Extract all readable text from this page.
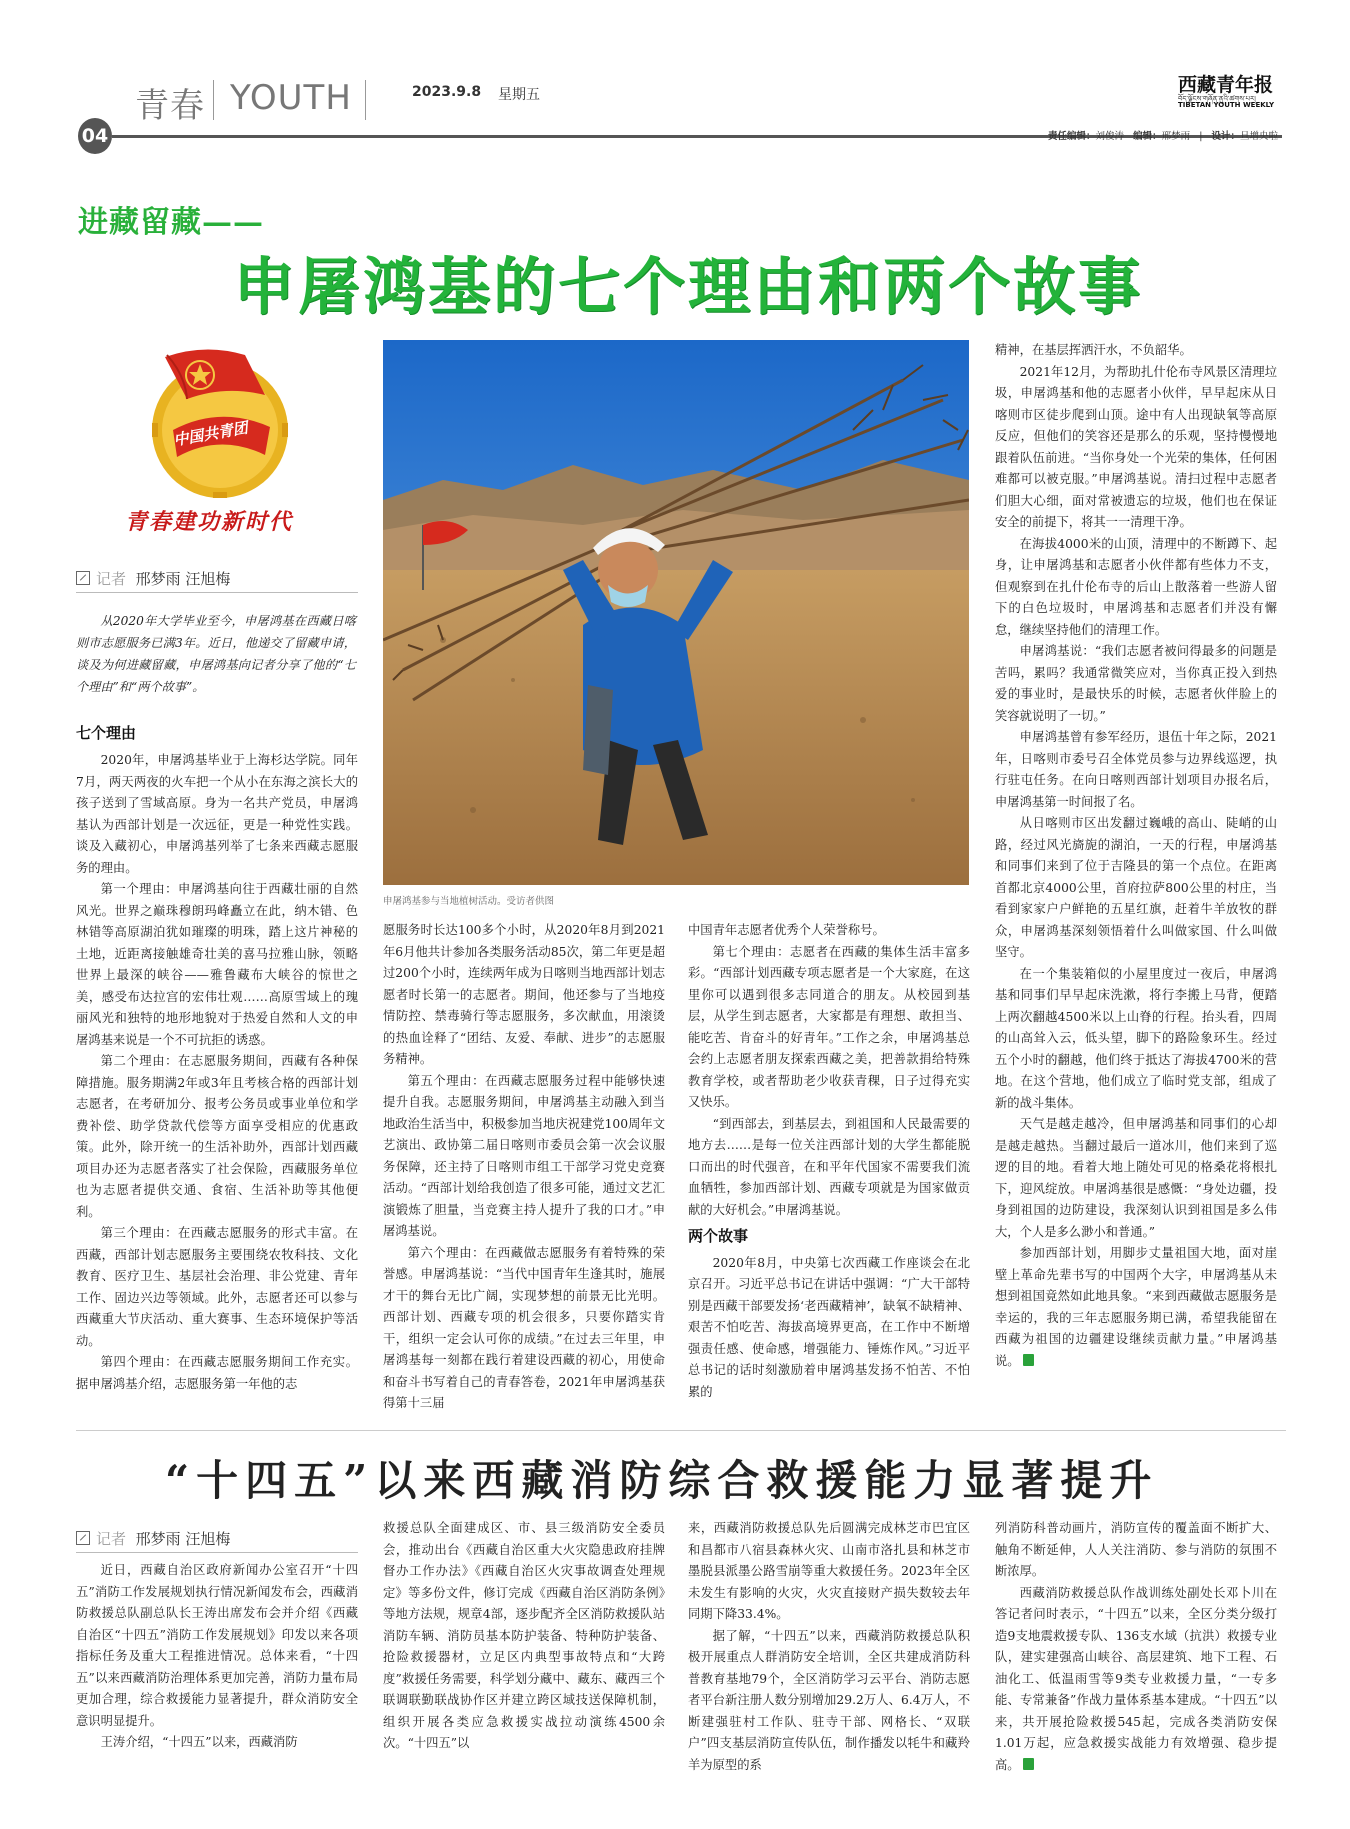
青春 YOUTH	2023.9.8 星期五	西藏青年报
བོད་ལྗོངས་གཞོན་ནུའི་ཚགས་པར།
TIBETAN YOUTH WEEKLY
04	责任编辑：刘俊涛 编辑：邢梦雨   |   设计：旦增央啦
进藏留藏——
申屠鸿基的七个理由和两个故事
中国共青团
青春建功新时代
记者 邢梦雨 汪旭梅
从2020年大学毕业至今，申屠鸿基在西藏日喀则市志愿服务已满3年。近日，他递交了留藏申请，谈及为何进藏留藏，申屠鸿基向记者分享了他的“七个理由”和“两个故事”。
七个理由

2020年，申屠鸿基毕业于上海杉达学院。同年7月，两天两夜的火车把一个从小在东海之滨长大的孩子送到了雪域高原。身为一名共产党员，申屠鸿基认为西部计划是一次远征，更是一种党性实践。谈及入藏初心，申屠鸿基列举了七条来西藏志愿服务的理由。

第一个理由：申屠鸿基向往于西藏壮丽的自然风光。世界之巅珠穆朗玛峰矗立在此，纳木错、色林错等高原湖泊犹如璀璨的明珠，踏上这片神秘的土地，近距离接触雄奇壮美的喜马拉雅山脉，领略世界上最深的峡谷——雅鲁藏布大峡谷的惊世之美，感受布达拉宫的宏伟壮观……高原雪域上的瑰丽风光和独特的地形地貌对于热爱自然和人文的申屠鸿基来说是一个不可抗拒的诱惑。

第二个理由：在志愿服务期间，西藏有各种保障措施。服务期满2年或3年且考核合格的西部计划志愿者，在考研加分、报考公务员或事业单位和学费补偿、助学贷款代偿等方面享受相应的优惠政策。此外，除开统一的生活补助外，西部计划西藏项目办还为志愿者落实了社会保险，西藏服务单位也为志愿者提供交通、食宿、生活补助等其他便利。

第三个理由：在西藏志愿服务的形式丰富。在西藏，西部计划志愿服务主要围绕农牧科技、文化教育、医疗卫生、基层社会治理、非公党建、青年工作、固边兴边等领域。此外，志愿者还可以参与西藏重大节庆活动、重大赛事、生态环境保护等活动。

第四个理由：在西藏志愿服务期间工作充实。据申屠鸿基介绍，志愿服务第一年他的志

申屠鸿基参与当地植树活动。受访者供图

愿服务时长达100多个小时，从2020年8月到2021年6月他共计参加各类服务活动85次，第二年更是超过200个小时，连续两年成为日喀则当地西部计划志愿者时长第一的志愿者。期间，他还参与了当地疫情防控、禁毒骑行等志愿服务，多次献血，用滚烫的热血诠释了“团结、友爱、奉献、进步”的志愿服务精神。

第五个理由：在西藏志愿服务过程中能够快速提升自我。志愿服务期间，申屠鸿基主动融入到当地政治生活当中，积极参加当地庆祝建党100周年文艺演出、政协第二届日喀则市委员会第一次会议服务保障，还主持了日喀则市组工干部学习党史竞赛活动。“西部计划给我创造了很多可能，通过文艺汇演锻炼了胆量，当竞赛主持人提升了我的口才。”申屠鸿基说。

第六个理由：在西藏做志愿服务有着特殊的荣誉感。申屠鸿基说：“当代中国青年生逢其时，施展才干的舞台无比广阔，实现梦想的前景无比光明。西部计划、西藏专项的机会很多，只要你踏实肯干，组织一定会认可你的成绩。”在过去三年里，申屠鸿基每一刻都在践行着建设西藏的初心，用使命和奋斗书写着自己的青春答卷，2021年申屠鸿基获得第十三届

中国青年志愿者优秀个人荣誉称号。

第七个理由：志愿者在西藏的集体生活丰富多彩。“西部计划西藏专项志愿者是一个大家庭，在这里你可以遇到很多志同道合的朋友。从校园到基层，从学生到志愿者，大家都是有理想、敢担当、能吃苦、肯奋斗的好青年。”工作之余，申屠鸿基总会约上志愿者朋友探索西藏之美，把善款捐给特殊教育学校，或者帮助老少收获青稞，日子过得充实又快乐。

“到西部去，到基层去，到祖国和人民最需要的地方去……是每一位关注西部计划的大学生都能脱口而出的时代强音，在和平年代国家不需要我们流血牺牲，参加西部计划、西藏专项就是为国家做贡献的大好机会。”申屠鸿基说。

两个故事

2020年8月，中央第七次西藏工作座谈会在北京召开。习近平总书记在讲话中强调：“广大干部特别是西藏干部要发扬‘老西藏精神’，缺氧不缺精神、艰苦不怕吃苦、海拔高境界更高，在工作中不断增强责任感、使命感，增强能力、锤炼作风。”习近平总书记的话时刻激励着申屠鸿基发扬不怕苦、不怕累的

精神，在基层挥洒汗水，不负韶华。

2021年12月，为帮助扎什伦布寺风景区清理垃圾，申屠鸿基和他的志愿者小伙伴，早早起床从日喀则市区徒步爬到山顶。途中有人出现缺氧等高原反应，但他们的笑容还是那么的乐观，坚持慢慢地跟着队伍前进。“当你身处一个光荣的集体，任何困难都可以被克服。”申屠鸿基说。清扫过程中志愿者们胆大心细，面对常被遗忘的垃圾，他们也在保证安全的前提下，将其一一清理干净。

在海拔4000米的山顶，清理中的不断蹲下、起身，让申屠鸿基和志愿者小伙伴都有些体力不支，但观察到在扎什伦布寺的后山上散落着一些游人留下的白色垃圾时，申屠鸿基和志愿者们并没有懈怠，继续坚持他们的清理工作。

申屠鸿基说：“我们志愿者被问得最多的问题是苦吗，累吗？我通常微笑应对，当你真正投入到热爱的事业时，是最快乐的时候，志愿者伙伴脸上的笑容就说明了一切。”

申屠鸿基曾有参军经历，退伍十年之际，2021年，日喀则市委号召全体党员参与边界线巡逻，执行驻屯任务。在向日喀则西部计划项目办报名后，申屠鸿基第一时间报了名。

从日喀则市区出发翻过巍峨的高山、陡峭的山路，经过风光旖旎的湖泊，一天的行程，申屠鸿基和同事们来到了位于吉隆县的第一个点位。在距离首都北京4000公里，首府拉萨800公里的村庄，当看到家家户户鲜艳的五星红旗，赶着牛羊放牧的群众，申屠鸿基深刻领悟着什么叫做家国、什么叫做坚守。

在一个集装箱似的小屋里度过一夜后，申屠鸿基和同事们早早起床洗漱，将行李搬上马背，便踏上两次翻越4500米以上山脊的行程。抬头看，四周的山高耸入云，低头望，脚下的路险象环生。经过五个小时的翻越，他们终于抵达了海拔4700米的营地。在这个营地，他们成立了临时党支部，组成了新的战斗集体。

天气是越走越冷，但申屠鸿基和同事们的心却是越走越热。当翻过最后一道冰川，他们来到了巡逻的目的地。看着大地上随处可见的格桑花将根扎下，迎风绽放。申屠鸿基很是感慨：“身处边疆，投身到祖国的边防建设，我深刻认识到祖国是多么伟大，个人是多么渺小和普通。”

参加西部计划，用脚步丈量祖国大地，面对崖壁上革命先辈书写的中国两个大字，申屠鸿基从未想到祖国竟然如此地具象。“来到西藏做志愿服务是幸运的，我的三年志愿服务期已满，希望我能留在西藏为祖国的边疆建设继续贡献力量。”申屠鸿基说。

“十四五”以来西藏消防综合救援能力显著提升
记者 邢梦雨 汪旭梅

近日，西藏自治区政府新闻办公室召开“十四五”消防工作发展规划执行情况新闻发布会，西藏消防救援总队副总队长王涛出席发布会并介绍《西藏自治区“十四五”消防工作发展规划》印发以来各项指标任务及重大工程推进情况。总体来看，“十四五”以来西藏消防治理体系更加完善，消防力量布局更加合理，综合救援能力显著提升，群众消防安全意识明显提升。

王涛介绍，“十四五”以来，西藏消防

救援总队全面建成区、市、县三级消防安全委员会，推动出台《西藏自治区重大火灾隐患政府挂牌督办工作办法》《西藏自治区火灾事故调查处理规定》等多份文件，修订完成《西藏自治区消防条例》等地方法规，规章4部，逐步配齐全区消防救援队站消防车辆、消防员基本防护装备、特种防护装备、抢险救援器材，立足区内典型事故特点和“大跨度”救援任务需要，科学划分藏中、藏东、藏西三个联调联勤联战协作区并建立跨区域技送保障机制，组织开展各类应急救援实战拉动演练4500余次。“十四五”以

来，西藏消防救援总队先后圆满完成林芝市巴宜区和昌都市八宿县森林火灾、山南市洛扎县和林芝市墨脱县派墨公路雪崩等重大救援任务。2023年全区未发生有影响的火灾，火灾直接财产损失数较去年同期下降33.4%。

据了解，“十四五”以来，西藏消防救援总队积极开展重点人群消防安全培训，全区共建成消防科普教育基地79个，全区消防学习云平台、消防志愿者平台新注册人数分别增加29.2万人、6.4万人，不断建强驻村工作队、驻寺干部、网格长、“双联户”四支基层消防宣传队伍，制作播发以牦牛和藏羚羊为原型的系

列消防科普动画片，消防宣传的覆盖面不断扩大、触角不断延伸，人人关注消防、参与消防的氛围不断浓厚。

西藏消防救援总队作战训练处副处长邓卜川在答记者问时表示，“十四五”以来，全区分类分级打造9支地震救援专队、136支水域（抗洪）救援专业队，建实建强高山峡谷、高层建筑、地下工程、石油化工、低温雨雪等9类专业救援力量，“一专多能、专常兼备”作战力量体系基本建成。“十四五”以来，共开展抢险救援545起，完成各类消防安保1.01万起，应急救援实战能力有效增强、稳步提高。
